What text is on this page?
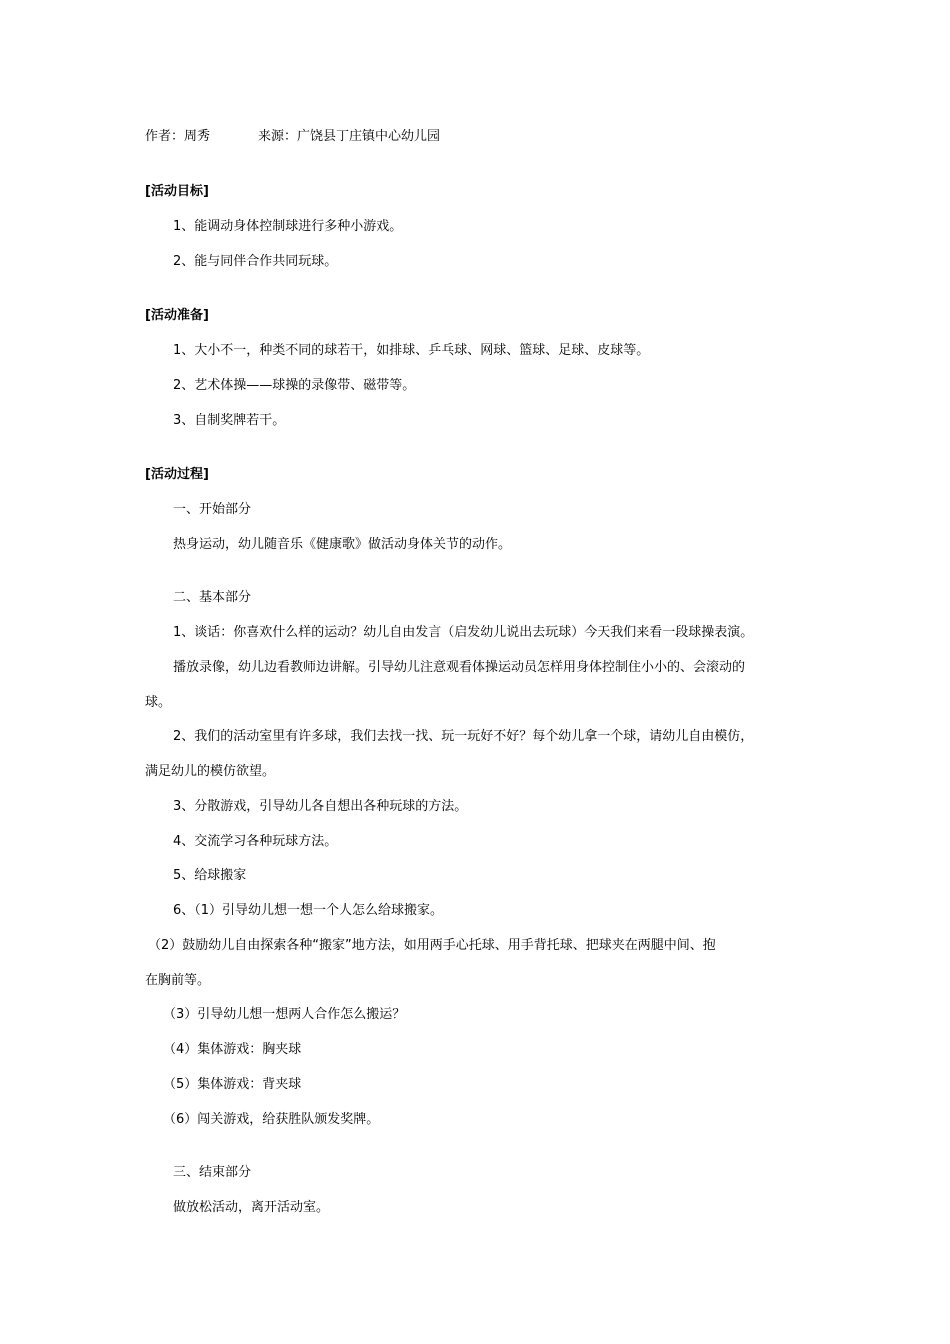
作者：周秀	来源：广饶县丁庄镇中心幼儿园

[活动目标]

1、能调动身体控制球进行多种小游戏。

2、能与同伴合作共同玩球。

[活动准备]

1、大小不一，种类不同的球若干，如排球、乒乓球、网球、篮球、足球、皮球等。

2、艺术体操——球操的录像带、磁带等。

3、自制奖牌若干。

[活动过程]

一、开始部分

热身运动，幼儿随音乐《健康歌》做活动身体关节的动作。

二、基本部分

1、谈话：你喜欢什么样的运动？幼儿自由发言（启发幼儿说出去玩球）今天我们来看一段球操表演。

播放录像，幼儿边看教师边讲解。引导幼儿注意观看体操运动员怎样用身体控制住小小的、会滚动的

球。

2、我们的活动室里有许多球，我们去找一找、玩一玩好不好？每个幼儿拿一个球，请幼儿自由模仿，

满足幼儿的模仿欲望。

3、分散游戏，引导幼儿各自想出各种玩球的方法。

4、交流学习各种玩球方法。

5、给球搬家

6、（1）引导幼儿想一想一个人怎么给球搬家。

（2）鼓励幼儿自由探索各种“搬家”地方法，如用两手心托球、用手背托球、把球夹在两腿中间、抱

在胸前等。

（3）引导幼儿想一想两人合作怎么搬运？

（4）集体游戏：胸夹球

（5）集体游戏：背夹球

（6）闯关游戏，给获胜队颁发奖牌。

三、结束部分

做放松活动，离开活动室。
